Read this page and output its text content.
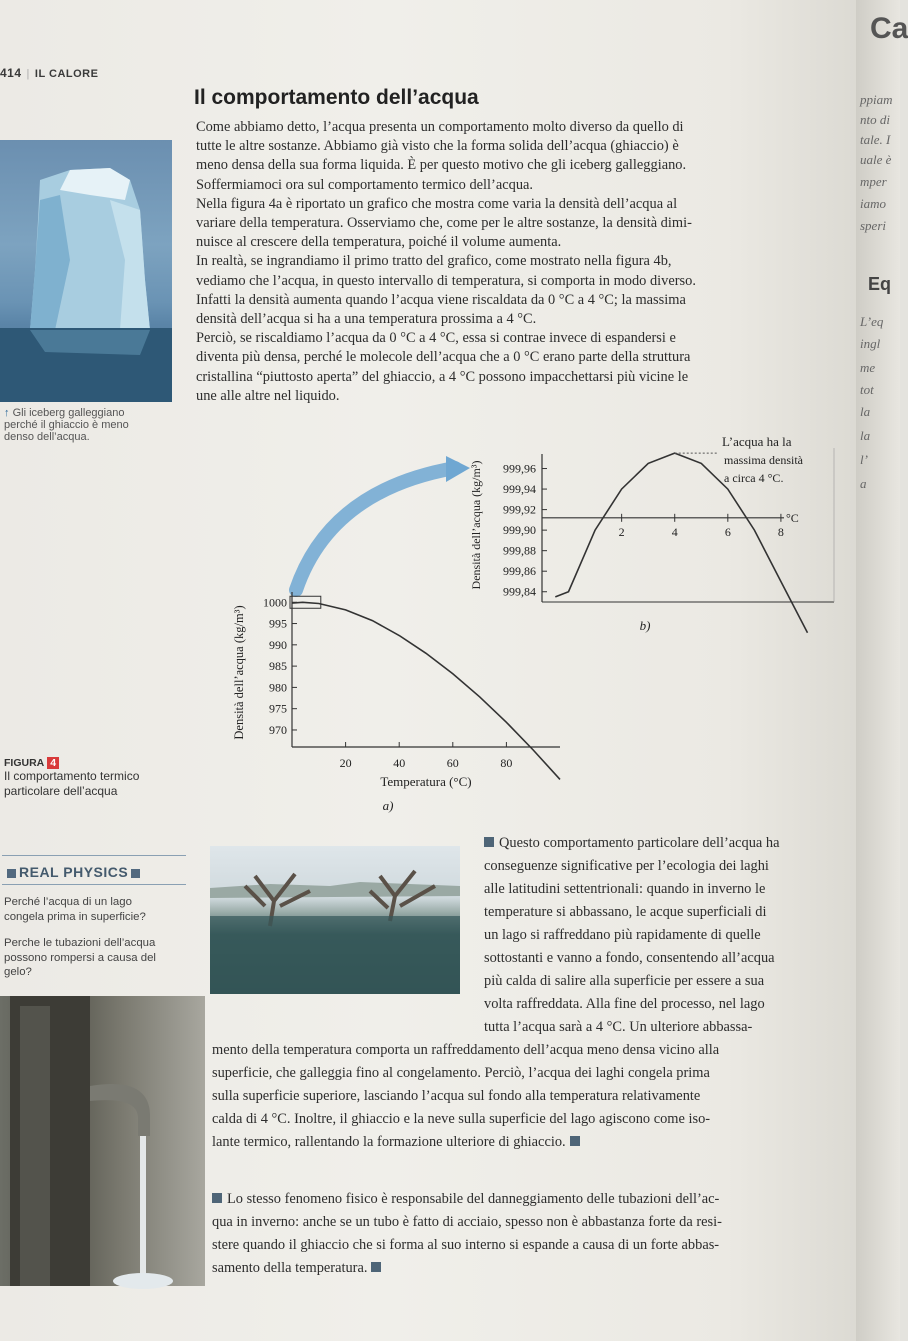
414 | IL CALORE
Il comportamento dell’acqua

Come abbiamo detto, l’acqua presenta un comportamento molto diverso da quello di

tutte le altre sostanze. Abbiamo già visto che la forma solida dell’acqua (ghiaccio) è

meno densa della sua forma liquida. È per questo motivo che gli iceberg galleggiano.

Soffermiamoci ora sul comportamento termico dell’acqua.

Nella figura 4a è riportato un grafico che mostra come varia la densità dell’acqua al

variare della temperatura. Osserviamo che, come per le altre sostanze, la densità dimi-

nuisce al crescere della temperatura, poiché il volume aumenta.

In realtà, se ingrandiamo il primo tratto del grafico, come mostrato nella figura 4b,

vediamo che l’acqua, in questo intervallo di temperatura, si comporta in modo diverso.

Infatti la densità aumenta quando l’acqua viene riscaldata da 0 °C a 4 °C; la massima

densità dell’acqua si ha a una temperatura prossima a 4 °C.

Perciò, se riscaldiamo l’acqua da 0 °C a 4 °C, essa si contrae invece di espandersi e

diventa più densa, perché le molecole dell’acqua che a 0 °C erano parte della struttura

cristallina “piuttosto aperta” del ghiaccio, a 4 °C possono impacchettarsi più vicine le

une alle altre nel liquido.

↑ Gli iceberg galleggiano
perché il ghiaccio è meno
denso dell’acqua.
970
975
980
985
990
995
1000
20	40	60	80
Temperatura (°C)
Densità dell’acqua (kg/m³)
a)
°C
999,84
999,86
999,88
999,90
999,92
999,94
999,96
2	4	6	8
L’acqua ha la
massima densità
a circa 4 °C.
Densità dell’acqua (kg/m³)
b)
FIGURA 4
Il comportamento termico
particolare dell’acqua
REAL PHYSICS
Perché l’acqua di un lago
congela prima in superficie?
Perche le tubazioni dell’acqua
possono rompersi a causa del
gelo?

Questo comportamento particolare dell’acqua ha

conseguenze significative per l’ecologia dei laghi

alle latitudini settentrionali: quando in inverno le

temperature si abbassano, le acque superficiali di

un lago si raffreddano più rapidamente di quelle

sottostanti e vanno a fondo, consentendo all’acqua

più calda di salire alla superficie per essere a sua

volta raffreddata. Alla fine del processo, nel lago

tutta l’acqua sarà a 4 °C. Un ulteriore abbassa-

mento della temperatura comporta un raffreddamento dell’acqua meno densa vicino alla

superficie, che galleggia fino al congelamento. Perciò, l’acqua dei laghi congela prima

sulla superficie superiore, lasciando l’acqua sul fondo alla temperatura relativamente

calda di 4 °C. Inoltre, il ghiaccio e la neve sulla superficie del lago agiscono come iso-

lante termico, rallentando la formazione ulteriore di ghiaccio.

Lo stesso fenomeno fisico è responsabile del danneggiamento delle tubazioni dell’ac-

qua in inverno: anche se un tubo è fatto di acciaio, spesso non è abbastanza forte da resi-

stere quando il ghiaccio che si forma al suo interno si espande a causa di un forte abbas-

samento della temperatura.

Ca
ppiam
nto di
tale. I
uale è
mper
iamo
speri
Eq
L’eq
ingl
me
tot
la
la
l’
a
